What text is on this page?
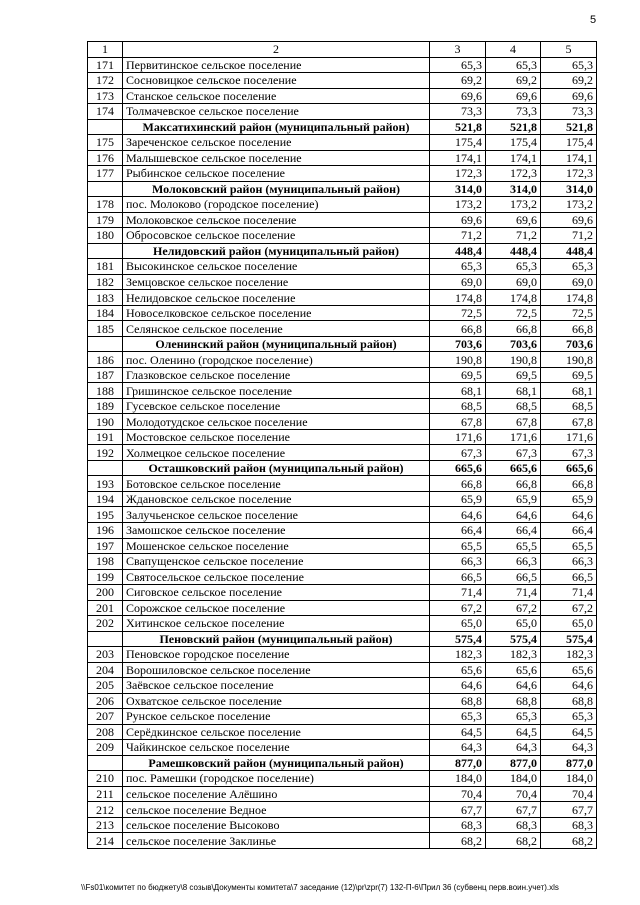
5
1	2	3	4	5
171	Первитинское сельское поселение	65,3	65,3	65,3
172	Сосновицкое сельское поселение	69,2	69,2	69,2
173	Станское сельское поселение	69,6	69,6	69,6
174	Толмачевское сельское поселение	73,3	73,3	73,3
	Максатихинский район (муниципальный район)	521,8	521,8	521,8
175	Зареченское сельское поселение	175,4	175,4	175,4
176	Малышевское сельское поселение	174,1	174,1	174,1
177	Рыбинское сельское поселение	172,3	172,3	172,3
	Молоковский район (муниципальный район)	314,0	314,0	314,0
178	пос. Молоково (городское поселение)	173,2	173,2	173,2
179	Молоковское сельское поселение	69,6	69,6	69,6
180	Обросовское сельское поселение	71,2	71,2	71,2
	Нелидовский район (муниципальный район)	448,4	448,4	448,4
181	Высокинское сельское поселение	65,3	65,3	65,3
182	Земцовское сельское поселение	69,0	69,0	69,0
183	Нелидовское сельское поселение	174,8	174,8	174,8
184	Новоселковское сельское поселение	72,5	72,5	72,5
185	Селянское сельское поселение	66,8	66,8	66,8
	Оленинский район (муниципальный район)	703,6	703,6	703,6
186	пос. Оленино (городское поселение)	190,8	190,8	190,8
187	Глазковское сельское поселение	69,5	69,5	69,5
188	Гришинское сельское поселение	68,1	68,1	68,1
189	Гусевское сельское поселение	68,5	68,5	68,5
190	Молодотудское сельское поселение	67,8	67,8	67,8
191	Мостовское сельское поселение	171,6	171,6	171,6
192	Холмецкое сельское поселение	67,3	67,3	67,3
	Осташковский район (муниципальный район)	665,6	665,6	665,6
193	Ботовское сельское поселение	66,8	66,8	66,8
194	Ждановское сельское поселение	65,9	65,9	65,9
195	Залучьенское сельское поселение	64,6	64,6	64,6
196	Замошское сельское поселение	66,4	66,4	66,4
197	Мошенское сельское поселение	65,5	65,5	65,5
198	Свапущенское сельское поселение	66,3	66,3	66,3
199	Святосельское сельское поселение	66,5	66,5	66,5
200	Сиговское сельское поселение	71,4	71,4	71,4
201	Сорожское сельское поселение	67,2	67,2	67,2
202	Хитинское сельское поселение	65,0	65,0	65,0
	Пеновский район (муниципальный район)	575,4	575,4	575,4
203	Пеновское городское поселение	182,3	182,3	182,3
204	Ворошиловское сельское поселение	65,6	65,6	65,6
205	Заёвское сельское поселение	64,6	64,6	64,6
206	Охватское сельское поселение	68,8	68,8	68,8
207	Рунское сельское поселение	65,3	65,3	65,3
208	Серёдкинское сельское поселение	64,5	64,5	64,5
209	Чайкинское сельское поселение	64,3	64,3	64,3
	Рамешковский район (муниципальный район)	877,0	877,0	877,0
210	пос. Рамешки (городское поселение)	184,0	184,0	184,0
211	сельское поселение Алёшино	70,4	70,4	70,4
212	сельское поселение Ведное	67,7	67,7	67,7
213	сельское поселение Высоково	68,3	68,3	68,3
214	сельское поселение Заклинье	68,2	68,2	68,2
\\Fs01\комитет по бюджету\8 созыв\Документы комитета\7 заседание (12)\pr\zpr(7) 132-П-6\Прил 36 (субвенц перв.воин.учет).xls
